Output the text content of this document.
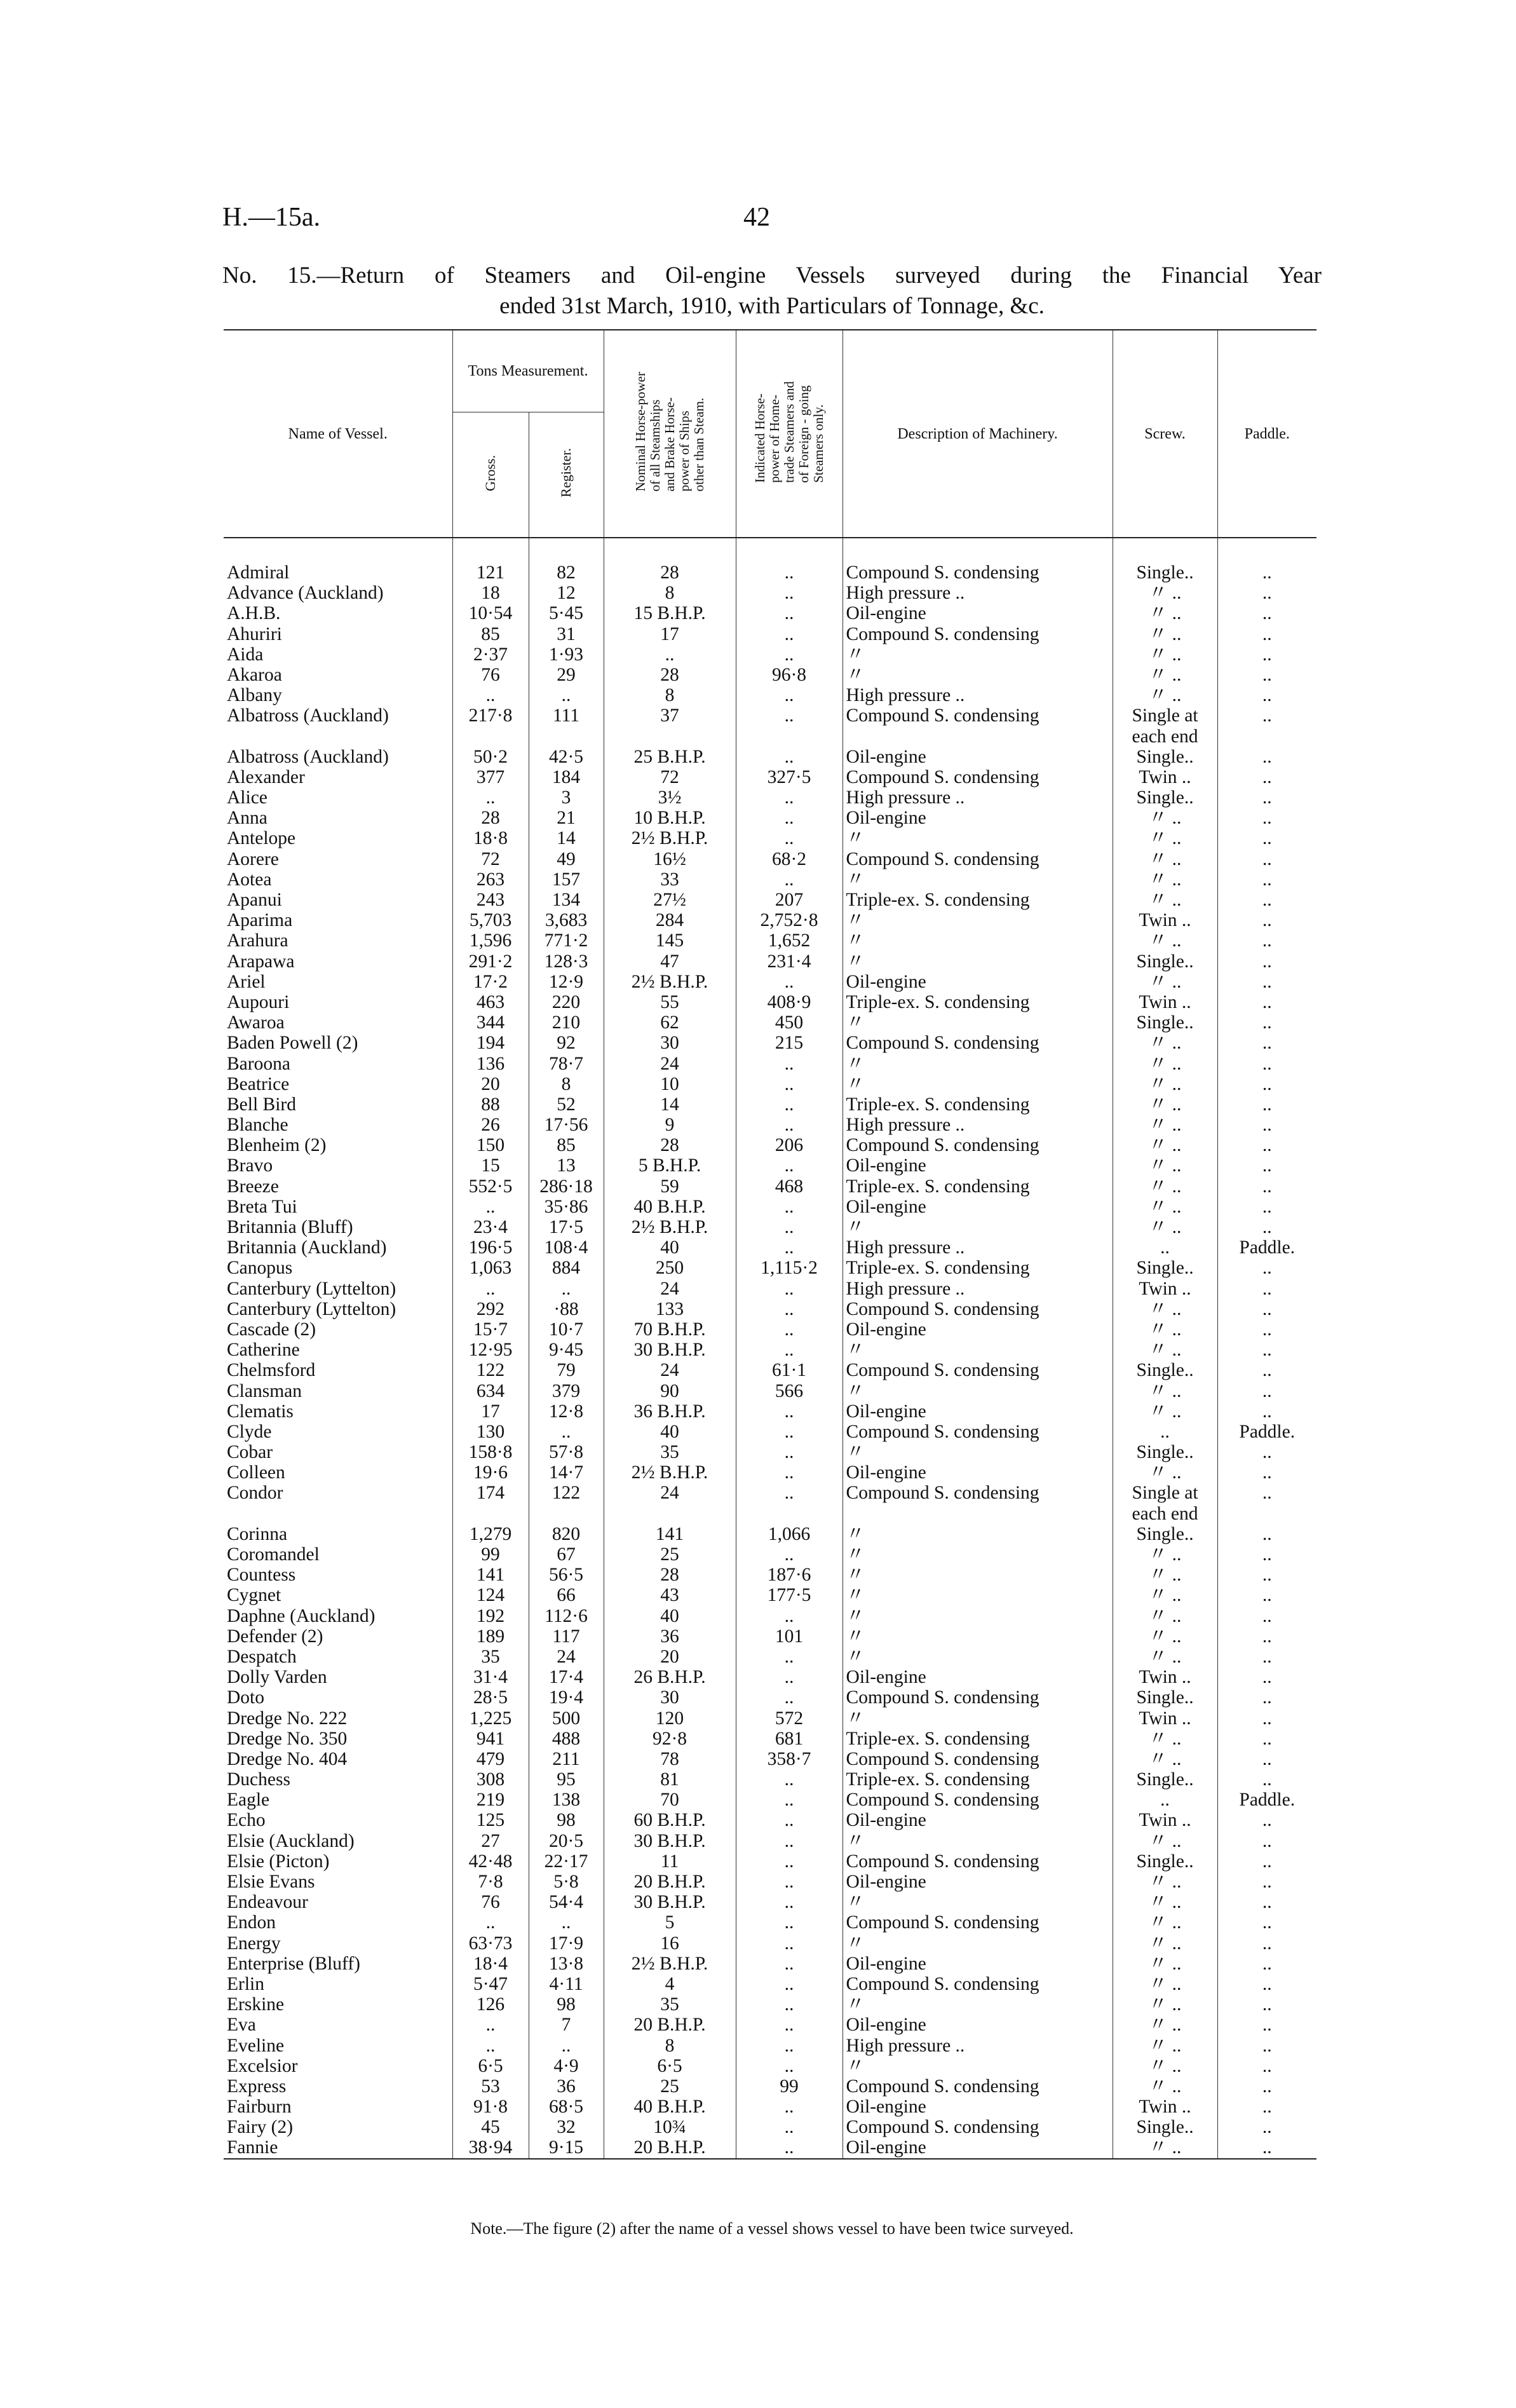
H.—15a.	42
No. 15.—Return of Steamers and Oil-engine Vessels surveyed during the Financial Year
ended 31st March, 1910, with Particulars of Tonnage, &c.
Name of Vessel.	Tons Measurement.		Nominal Horse-power
of all Steamships
and Brake Horse-
power of Ships
other than Steam.	Indicated Horse-
power of Home-
trade Steamers and
of Foreign - going
Steamers only.	Description of Machinery.	Screw.	Paddle.
	Gross.	Register.					

Admiral	121	82	28	..	Compound S. condensing	Single..	..
Advance (Auckland)	18	12	8	..	High pressure ..	〃 ..	..
A.H.B.	10·54	5·45	15 B.H.P.	..	Oil-engine	〃 ..	..
Ahuriri	85	31	17	..	Compound S. condensing	〃 ..	..
Aida	2·37	1·93	..	..	〃	〃 ..	..
Akaroa	76	29	28	96·8	〃	〃 ..	..
Albany	..	..	8	..	High pressure ..	〃 ..	..
Albatross (Auckland)	217·8	111	37	..	Compound S. condensing	Single at	..
						each end	
Albatross (Auckland)	50·2	42·5	25 B.H.P.	..	Oil-engine	Single..	..
Alexander	377	184	72	327·5	Compound S. condensing	Twin ..	..
Alice	..	3	3½	..	High pressure ..	Single..	..
Anna	28	21	10 B.H.P.	..	Oil-engine	〃 ..	..
Antelope	18·8	14	2½ B.H.P.	..	〃	〃 ..	..
Aorere	72	49	16½	68·2	Compound S. condensing	〃 ..	..
Aotea	263	157	33	..	〃	〃 ..	..
Apanui	243	134	27½	207	Triple-ex. S. condensing	〃 ..	..
Aparima	5,703	3,683	284	2,752·8	〃	Twin ..	..
Arahura	1,596	771·2	145	1,652	〃	〃 ..	..
Arapawa	291·2	128·3	47	231·4	〃	Single..	..
Ariel	17·2	12·9	2½ B.H.P.	..	Oil-engine	〃 ..	..
Aupouri	463	220	55	408·9	Triple-ex. S. condensing	Twin ..	..
Awaroa	344	210	62	450	〃	Single..	..
Baden Powell (2)	194	92	30	215	Compound S. condensing	〃 ..	..
Baroona	136	78·7	24	..	〃	〃 ..	..
Beatrice	20	8	10	..	〃	〃 ..	..
Bell Bird	88	52	14	..	Triple-ex. S. condensing	〃 ..	..
Blanche	26	17·56	9	..	High pressure ..	〃 ..	..
Blenheim (2)	150	85	28	206	Compound S. condensing	〃 ..	..
Bravo	15	13	5 B.H.P.	..	Oil-engine	〃 ..	..
Breeze	552·5	286·18	59	468	Triple-ex. S. condensing	〃 ..	..
Breta Tui	..	35·86	40 B.H.P.	..	Oil-engine	〃 ..	..
Britannia (Bluff)	23·4	17·5	2½ B.H.P.	..	〃	〃 ..	..
Britannia (Auckland)	196·5	108·4	40	..	High pressure ..	..	Paddle.
Canopus	1,063	884	250	1,115·2	Triple-ex. S. condensing	Single..	..
Canterbury (Lyttelton)	..	..	24	..	High pressure ..	Twin ..	..
Canterbury (Lyttelton)	292	·88	133	..	Compound S. condensing	〃 ..	..
Cascade (2)	15·7	10·7	70 B.H.P.	..	Oil-engine	〃 ..	..
Catherine	12·95	9·45	30 B.H.P.	..	〃	〃 ..	..
Chelmsford	122	79	24	61·1	Compound S. condensing	Single..	..
Clansman	634	379	90	566	〃	〃 ..	..
Clematis	17	12·8	36 B.H.P.	..	Oil-engine	〃 ..	..
Clyde	130	..	40	..	Compound S. condensing	..	Paddle.
Cobar	158·8	57·8	35	..	〃	Single..	..
Colleen	19·6	14·7	2½ B.H.P.	..	Oil-engine	〃 ..	..
Condor	174	122	24	..	Compound S. condensing	Single at	..
						each end	
Corinna	1,279	820	141	1,066	〃	Single..	..
Coromandel	99	67	25	..	〃	〃 ..	..
Countess	141	56·5	28	187·6	〃	〃 ..	..
Cygnet	124	66	43	177·5	〃	〃 ..	..
Daphne (Auckland)	192	112·6	40	..	〃	〃 ..	..
Defender (2)	189	117	36	101	〃	〃 ..	..
Despatch	35	24	20	..	〃	〃 ..	..
Dolly Varden	31·4	17·4	26 B.H.P.	..	Oil-engine	Twin ..	..
Doto	28·5	19·4	30	..	Compound S. condensing	Single..	..
Dredge No. 222	1,225	500	120	572	〃	Twin ..	..
Dredge No. 350	941	488	92·8	681	Triple-ex. S. condensing	〃 ..	..
Dredge No. 404	479	211	78	358·7	Compound S. condensing	〃 ..	..
Duchess	308	95	81	..	Triple-ex. S. condensing	Single..	..
Eagle	219	138	70	..	Compound S. condensing	..	Paddle.
Echo	125	98	60 B.H.P.	..	Oil-engine	Twin ..	..
Elsie (Auckland)	27	20·5	30 B.H.P.	..	〃	〃 ..	..
Elsie (Picton)	42·48	22·17	11	..	Compound S. condensing	Single..	..
Elsie Evans	7·8	5·8	20 B.H.P.	..	Oil-engine	〃 ..	..
Endeavour	76	54·4	30 B.H.P.	..	〃	〃 ..	..
Endon	..	..	5	..	Compound S. condensing	〃 ..	..
Energy	63·73	17·9	16	..	〃	〃 ..	..
Enterprise (Bluff)	18·4	13·8	2½ B.H.P.	..	Oil-engine	〃 ..	..
Erlin	5·47	4·11	4	..	Compound S. condensing	〃 ..	..
Erskine	126	98	35	..	〃	〃 ..	..
Eva	..	7	20 B.H.P.	..	Oil-engine	〃 ..	..
Eveline	..	..	8	..	High pressure ..	〃 ..	..
Excelsior	6·5	4·9	6·5	..	〃	〃 ..	..
Express	53	36	25	99	Compound S. condensing	〃 ..	..
Fairburn	91·8	68·5	40 B.H.P.	..	Oil-engine	Twin ..	..
Fairy (2)	45	32	10¾	..	Compound S. condensing	Single..	..
Fannie	38·94	9·15	20 B.H.P.	..	Oil-engine	〃 ..	..

Note.—The figure (2) after the name of a vessel shows vessel to have been twice surveyed.
